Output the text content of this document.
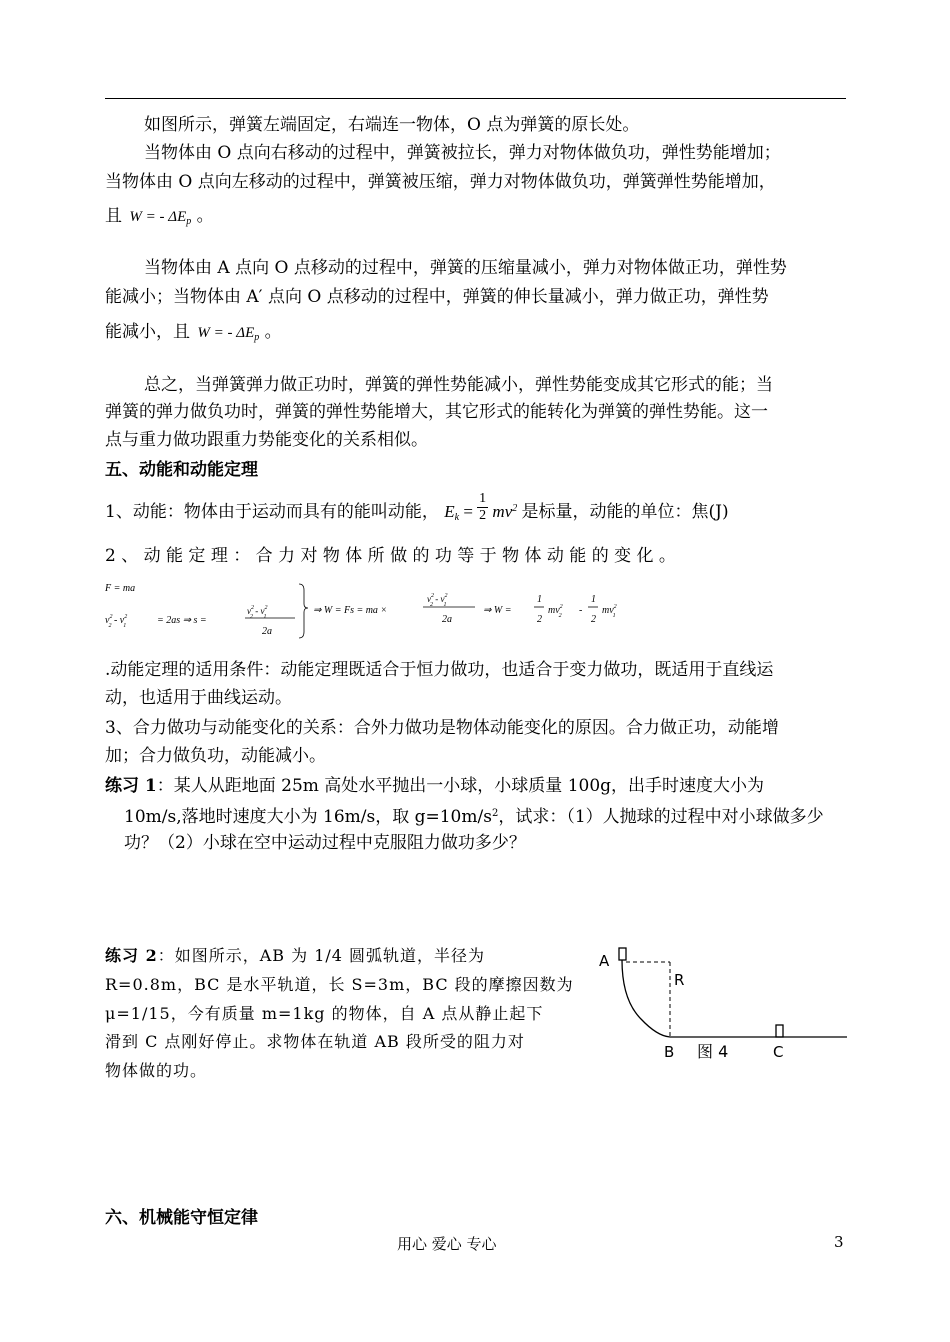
如图所示，弹簧左端固定，右端连一物体，O 点为弹簧的原长处。
当物体由 O 点向右移动的过程中，弹簧被拉长，弹力对物体做负功，弹性势能增加；
当物体由 O 点向左移动的过程中，弹簧被压缩，弹力对物体做负功，弹簧弹性势能增加，
且 W = - $\Delta E_p$ 。
当物体由 A 点向 O 点移动的过程中，弹簧的压缩量减小，弹力对物体做正功，弹性势
能减小；当物体由 A′ 点向 O 点移动的过程中，弹簧的伸长量减小，弹力做正功，弹性势
能减小，且 W = - $\Delta E_p$ 。
总之，当弹簧弹力做正功时，弹簧的弹性势能减小，弹性势能变成其它形式的能；当
弹簧的弹力做负功时，弹簧的弹性势能增大，其它形式的能转化为弹簧的弹性势能。这一
点与重力做功跟重力势能变化的关系相似。
五、动能和动能定理
1、动能：物体由于运动而具有的能叫动能， $E_k = \frac{1}{2} mv^2$ 是标量，动能的单位：焦(J)
2 、 动 能 定 理 ： 合 力 对 物 体 所 做 的 功 等 于 物 体 动 能 的 变 化 。
F = ma
$v^2$ $2 - v^2$ 1	= 2as ⇒ s =
$v^2$ $2 - v^2$ 1
2a
⇒ W = Fs = ma ×
$v^2$ $2 - v^2$ 1
2a
⇒ W =
1
2
$mv^2$ 2 -
1
2
$mv^2$ 1
.动能定理的适用条件：动能定理既适合于恒力做功，也适合于变力做功，既适用于直线运
动，也适用于曲线运动。
3、合力做功与动能变化的关系：合外力做功是物体动能变化的原因。合力做正功，动能增
加；合力做负功，动能减小。
练习 1：某人从距地面 25m 高处水平抛出一小球，小球质量 100g，出手时速度大小为
10m/s,落地时速度大小为 16m/s，取 $g=10m/s^2$，试求：（1）人抛球的过程中对小球做多少
功？（2）小球在空中运动过程中克服阻力做功多少？
练习 2：如图所示，AB 为 1/4 圆弧轨道，半径为
R=0.8m，BC 是水平轨道，长 S=3m，BC 段的摩擦因数为
μ=1/15，今有质量 m=1kg 的物体，自 A 点从静止起下
滑到 C 点刚好停止。求物体在轨道 AB 段所受的阻力对
物体做的功。
A
R
B	C
图 4
六、机械能守恒定律
用心 爱心 专心	3
